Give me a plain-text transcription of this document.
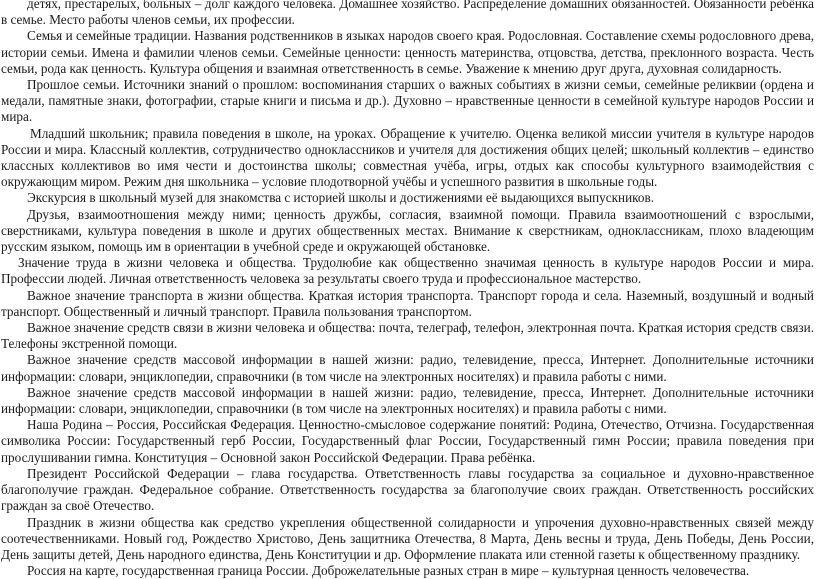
детях, престарелых, больных – долг каждого человека. Домашнее хозяйство. Распределение домашних обязанностей. Обязанности ребёнка в семье. Место работы членов семьи, их профессии.

Семья и семейные традиции. Названия родственников в языках народов своего края. Родословная. Составление схемы родословного древа, истории семьи. Имена и фамилии членов семьи. Семейные ценности: ценность материнства, отцовства, детства, преклонного возраста. Честь семьи, рода как ценность. Культура общения и взаимная ответственность в семье. Уважение к мнению друг друга, духовная солидарность.

Прошлое семьи. Источники знаний о прошлом: воспоминания старших о важных событиях в жизни семьи, семейные реликвии (ордена и медали, памятные знаки, фотографии, старые книги и письма и др.). Духовно – нравственные ценности в семейной культуре народов России и мира.

Младший школьник; правила поведения в школе, на уроках. Обращение к учителю. Оценка великой миссии учителя в культуре народов России и мира. Классный коллектив, сотрудничество одноклассников и учителя для достижения общих целей; школьный коллектив – единство классных коллективов во имя чести и достоинства школы; совместная учёба, игры, отдых как способы культурного взаимодействия с окружающим миром. Режим дня школьника – условие плодотворной учёбы и успешного развития в школьные годы.

Экскурсия в школьный музей для знакомства с историей школы и достижениями её выдающихся выпускников.

Друзья, взаимоотношения между ними; ценность дружбы, согласия, взаимной помощи. Правила взаимоотношений с взрослыми, сверстниками, культура поведения в школе и других общественных местах. Внимание к сверстникам, одноклассникам, плохо владеющим русским языком, помощь им в ориентации в учебной среде и окружающей обстановке.

Значение труда в жизни человека и общества. Трудолюбие как общественно значимая ценность в культуре народов России и мира. Профессии людей. Личная ответственность человека за результаты своего труда и профессиональное мастерство.

Важное значение транспорта в жизни общества. Краткая история транспорта. Транспорт города и села. Наземный, воздушный и водный транспорт. Общественный и личный транспорт. Правила пользования транспортом.

Важное значение средств связи в жизни человека и общества: почта, телеграф, телефон, электронная почта. Краткая история средств связи. Телефоны экстренной помощи.

Важное значение средств массовой информации в нашей жизни: радио, телевидение, пресса, Интернет. Дополнительные источники информации: словари, энциклопедии, справочники (в том числе на электронных носителях) и правила работы с ними.

Важное значение средств массовой информации в нашей жизни: радио, телевидение, пресса, Интернет. Дополнительные источники информации: словари, энциклопедии, справочники (в том числе на электронных носителях) и правила работы с ними.

Наша Родина – Россия, Российская Федерация. Ценностно-смысловое содержание понятий: Родина, Отечество, Отчизна. Государственная символика России: Государственный герб России, Государственный флаг России, Государственный гимн России; правила поведения при прослушивании гимна. Конституция – Основной закон Российской Федерации. Права ребёнка.

Президент Российской Федерации – глава государства. Ответственность главы государства за социальное и духовно-нравственное благополучие граждан. Федеральное собрание. Ответственность государства за благополучие своих граждан. Ответственность российских граждан за своё Отечество.

Праздник в жизни общества как средство укрепления общественной солидарности и упрочения духовно-нравственных связей между соотечественниками. Новый год, Рождество Христово, День защитника Отечества, 8 Марта, День весны и труда, День Победы, День России, День защиты детей, День народного единства, День Конституции и др. Оформление плаката или стенной газеты к общественному празднику.

Россия на карте, государственная граница России. Доброжелательные разных стран в мире – культурная ценность человечества.
